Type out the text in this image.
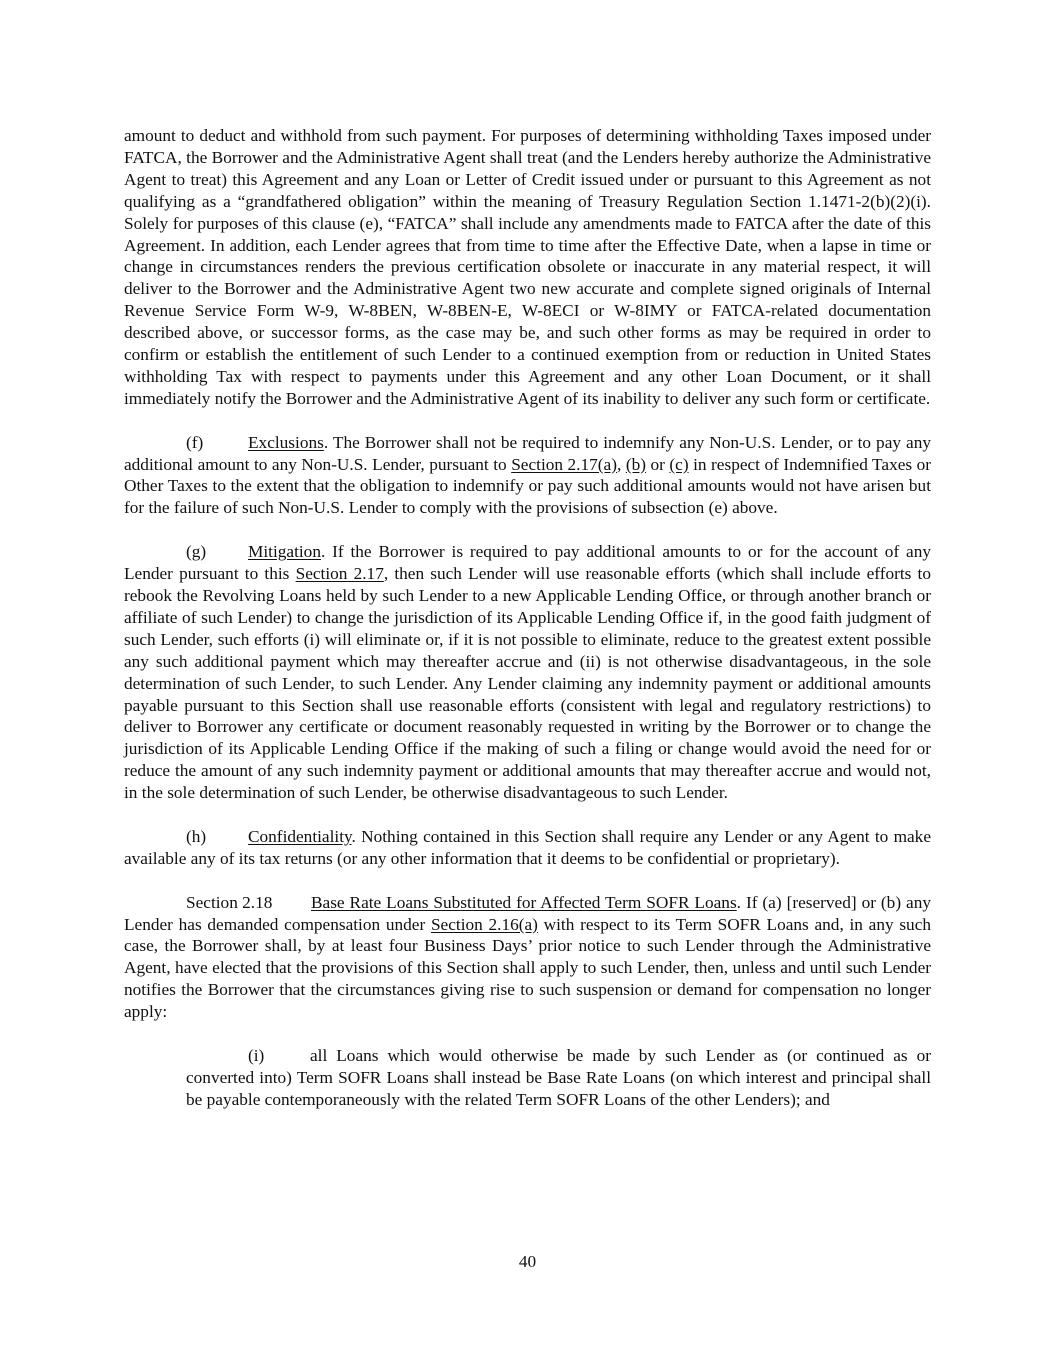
amount to deduct and withhold from such payment. For purposes of determining withholding Taxes imposed under FATCA, the Borrower and the Administrative Agent shall treat (and the Lenders hereby authorize the Administrative Agent to treat) this Agreement and any Loan or Letter of Credit issued under or pursuant to this Agreement as not qualifying as a “grandfathered obligation” within the meaning of Treasury Regulation Section 1.1471-2(b)(2)(i). Solely for purposes of this clause (e), “FATCA” shall include any amendments made to FATCA after the date of this Agreement. In addition, each Lender agrees that from time to time after the Effective Date, when a lapse in time or change in circumstances renders the previous certification obsolete or inaccurate in any material respect, it will deliver to the Borrower and the Administrative Agent two new accurate and complete signed originals of Internal Revenue Service Form W-9, W-8BEN, W-8BEN-E, W-8ECI or W-8IMY or FATCA-related documentation described above, or successor forms, as the case may be, and such other forms as may be required in order to confirm or establish the entitlement of such Lender to a continued exemption from or reduction in United States withholding Tax with respect to payments under this Agreement and any other Loan Document, or it shall immediately notify the Borrower and the Administrative Agent of its inability to deliver any such form or certificate.

(f)	Exclusions. The Borrower shall not be required to indemnify any Non-U.S. Lender, or to pay any additional amount to any Non-U.S. Lender, pursuant to Section 2.17(a), (b) or (c) in respect of Indemnified Taxes or Other Taxes to the extent that the obligation to indemnify or pay such additional amounts would not have arisen but for the failure of such Non-U.S. Lender to comply with the provisions of subsection (e) above.

(g) Mitigation. If the Borrower is required to pay additional amounts to or for the account of any Lender pursuant to this Section 2.17, then such Lender will use reasonable efforts (which shall include efforts to rebook the Revolving Loans held by such Lender to a new Applicable Lending Office, or through another branch or affiliate of such Lender) to change the jurisdiction of its Applicable Lending Office if, in the good faith judgment of such Lender, such efforts (i) will eliminate or, if it is not possible to eliminate, reduce to the greatest extent possible any such additional payment which may thereafter accrue and (ii) is not otherwise disadvantageous, in the sole determination of such Lender, to such Lender. Any Lender claiming any indemnity payment or additional amounts payable pursuant to this Section shall use reasonable efforts (consistent with legal and regulatory restrictions) to deliver to Borrower any certificate or document reasonably requested in writing by the Borrower or to change the jurisdiction of its Applicable Lending Office if the making of such a filing or change would avoid the need for or reduce the amount of any such indemnity payment or additional amounts that may thereafter accrue and would not, in the sole determination of such Lender, be otherwise disadvantageous to such Lender.

(h) Confidentiality. Nothing contained in this Section shall require any Lender or any Agent to make available any of its tax returns (or any other information that it deems to be confidential or proprietary).

Section 2.18 Base Rate Loans Substituted for Affected Term SOFR Loans. If (a) [reserved] or (b) any Lender has demanded compensation under Section 2.16(a) with respect to its Term SOFR Loans and, in any such case, the Borrower shall, by at least four Business Days’ prior notice to such Lender through the Administrative Agent, have elected that the provisions of this Section shall apply to such Lender, then, unless and until such Lender notifies the Borrower that the circumstances giving rise to such suspension or demand for compensation no longer apply:

(i)	all Loans which would otherwise be made by such Lender as (or continued as or converted into) Term SOFR Loans shall instead be Base Rate Loans (on which interest and principal shall be payable contemporaneously with the related Term SOFR Loans of the other Lenders); and

40
